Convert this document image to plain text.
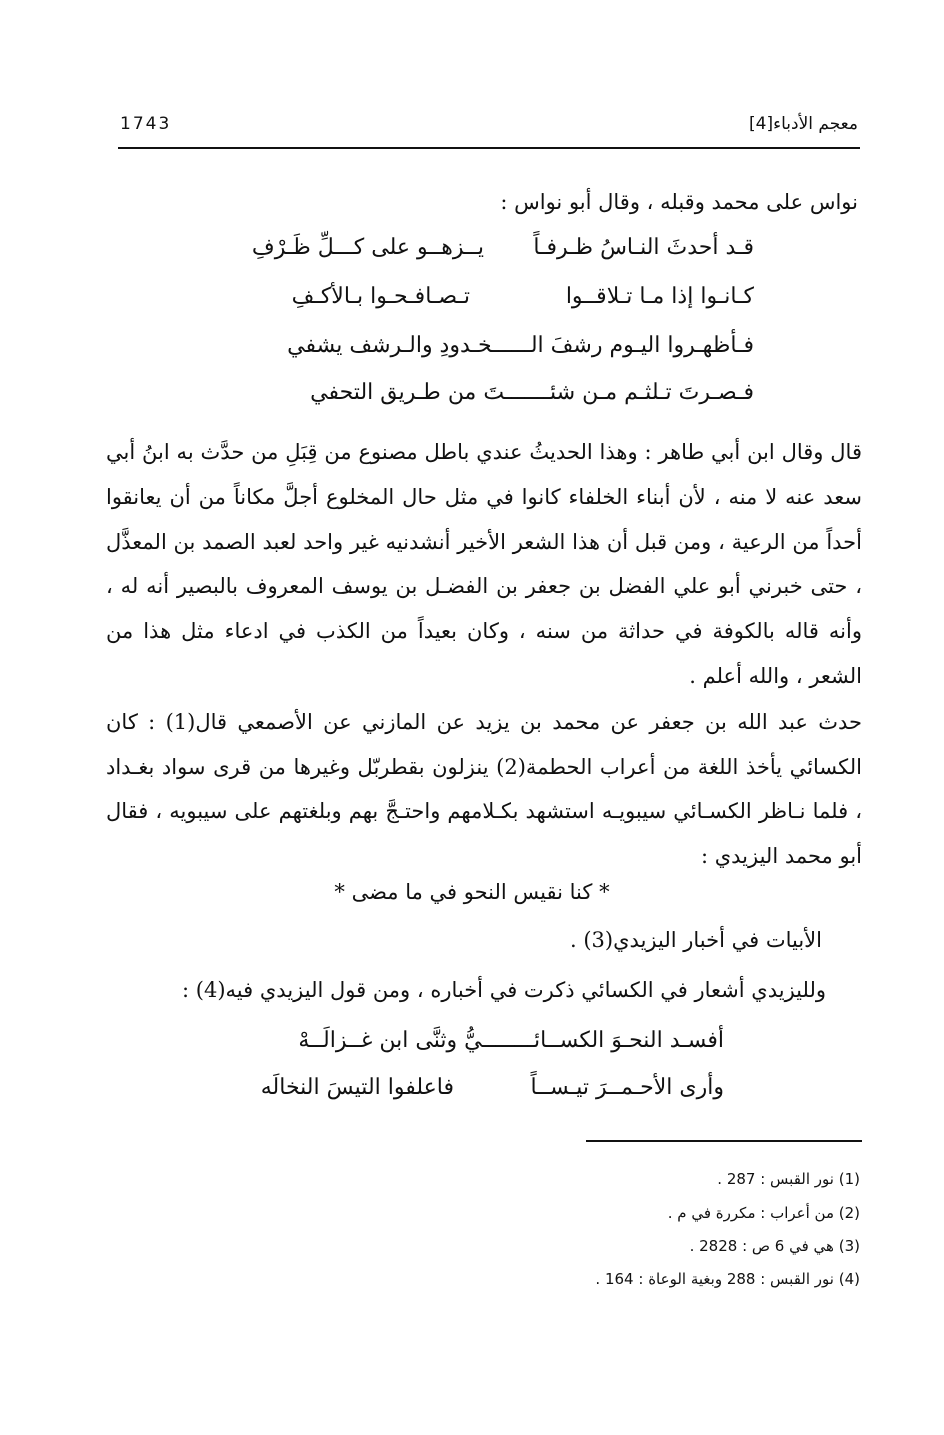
1743	معجم الأدباء[4]
نواس على محمد وقبله ، وقال أبو نواس :
قـد أحدثَ النـاسُ ظـرفـاً
يــزهــو على كـــلِّ ظَـرْفِ
كـانـوا إذا مـا تـلاقــوا
تـصـافـحـوا بـالأكـفِ
فـأظهـروا اليـوم رشفَ الــــــخـدودِ والـرشف يشفي
فـصـرتَ تـلثـم مـن شئـــــــتَ من طـريق التحفي

قال وقال ابن أبي طاهر : وهذا الحديثُ عندي باطل مصنوع من قِبَلِ من حدَّث به ابنُ أبي سعد عنه لا منه ، لأن أبناء الخلفاء كانوا في مثل حال المخلوع أجلَّ مكاناً من أن يعانقوا أحداً من الرعية ، ومن قبل أن هذا الشعر الأخير أنشدنيه غير واحد لعبد الصمد بن المعذَّل ، حتى خبرني أبو علي الفضل بن جعفر بن الفضـل بن يوسف المعروف بالبصير أنه له ، وأنه قاله بالكوفة في حداثة من سنه ، وكان بعيداً من الكذب في ادعاء مثل هذا من الشعر ، والله أعلم .

حدث عبد الله بن جعفر عن محمد بن يزيد عن المازني عن الأصمعي قال(1) : كان الكسائي يأخذ اللغة من أعراب الحطمة(2) ينزلون بقطربّل وغيرها من قرى سواد بغـداد ، فلما نـاظر الكسـائي سيبويـه استشهد بكـلامهم واحتـجَّ بهم وبلغتهم على سيبويه ، فقال أبو محمد اليزيدي :

* كنا نقيس النحو في ما مضى *
الأبيات في أخبار اليزيدي(3) .
ولليزيدي أشعار في الكسائي ذكرت في أخباره ، ومن قول اليزيدي فيه(4) :
أفسـد النحـوَ الكســائــــــــيُّ وثنَّى ابن غــزالَــهْ
وأرى الأحـمــرَ تيـســاً
فاعلفوا التيسَ النخالَه
(1) نور القبس : 287 .
(2) من أعراب : مكررة في م .
(3) هي في 6 ص : 2828 .
(4) نور القبس : 288 وبغية الوعاة : 164 .
